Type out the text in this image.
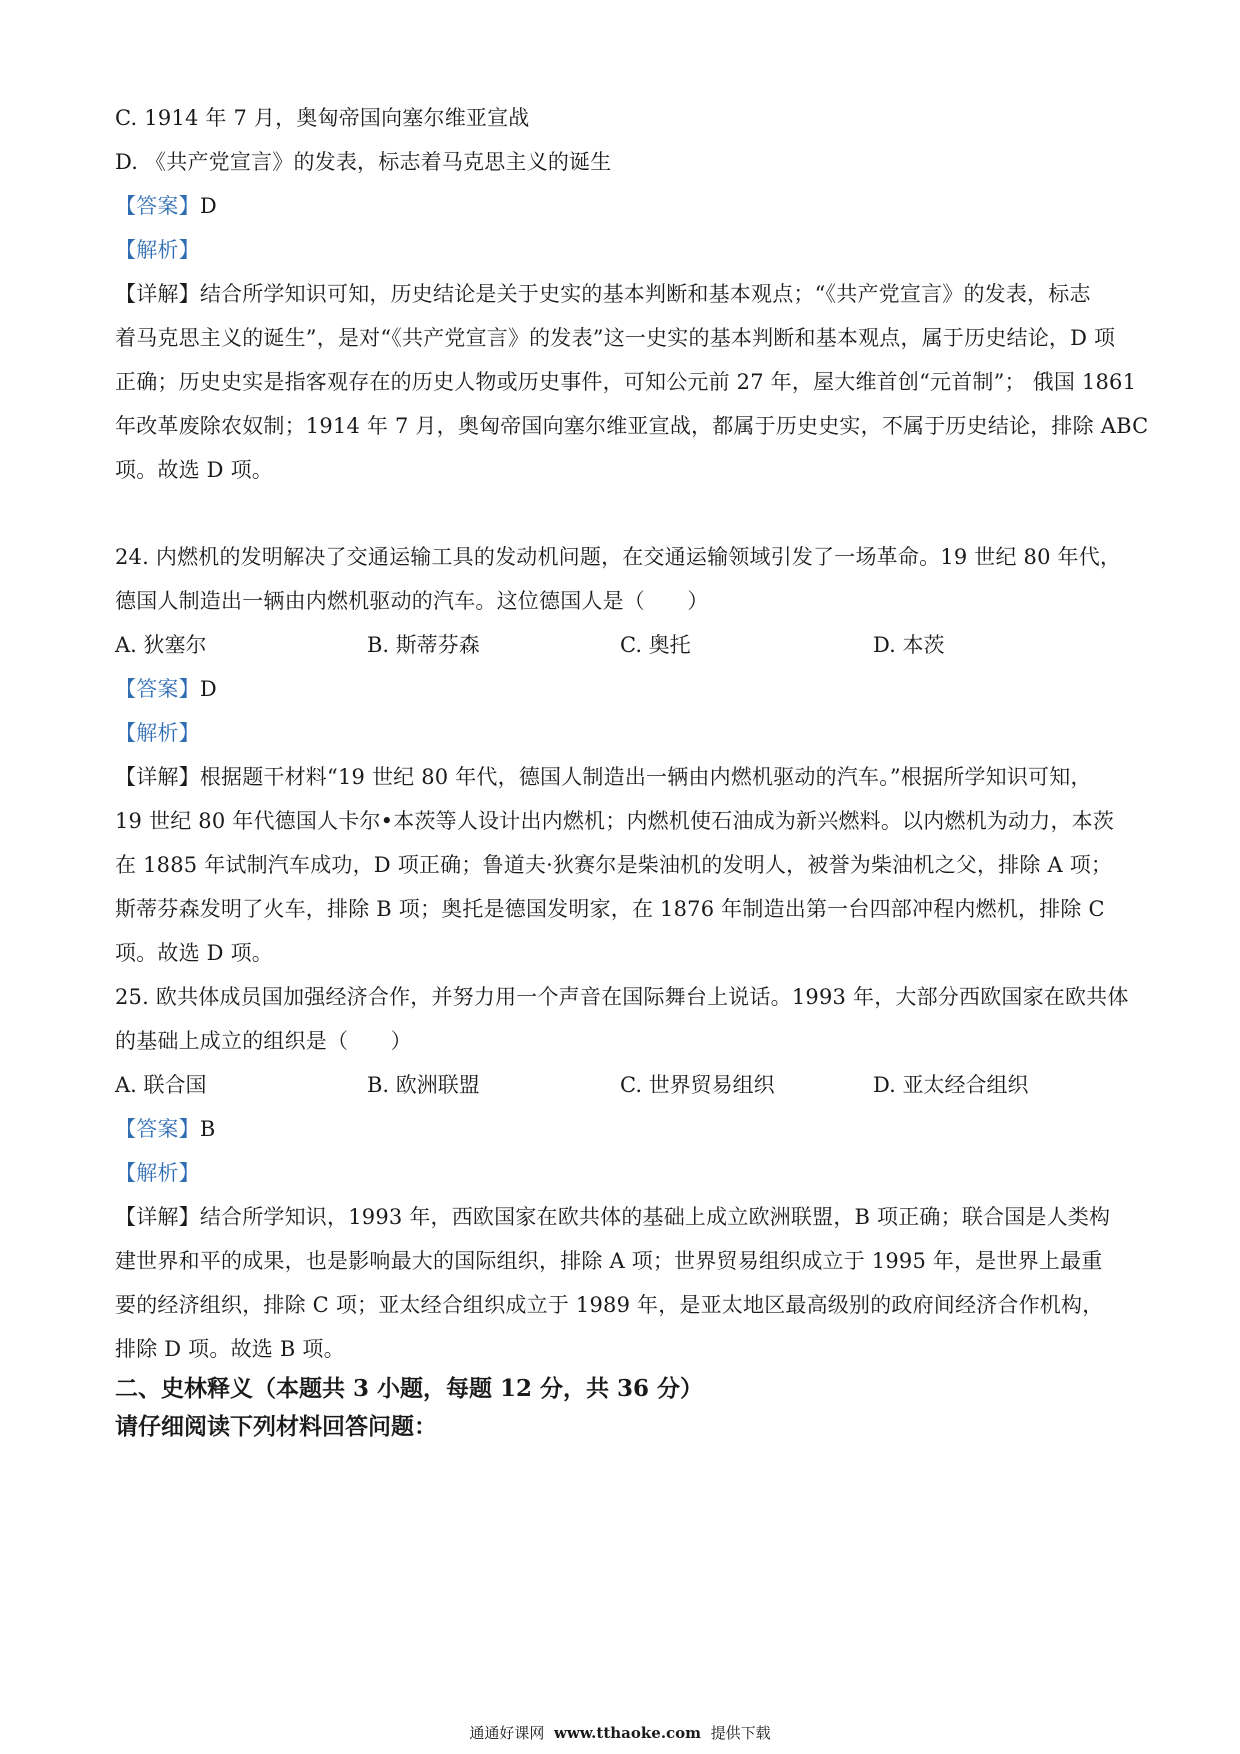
C. 1914 年 7 月，奥匈帝国向塞尔维亚宣战
D. 《共产党宣言》的发表，标志着马克思主义的诞生
【答案】D
【解析】
【详解】结合所学知识可知，历史结论是关于史实的基本判断和基本观点；“《共产党宣言》的发表，标志
着马克思主义的诞生”，是对“《共产党宣言》的发表”这一史实的基本判断和基本观点，属于历史结论，D 项
正确；历史史实是指客观存在的历史人物或历史事件，可知公元前 27 年，屋大维首创“元首制”； 俄国 1861
年改革废除农奴制；1914 年 7 月，奥匈帝国向塞尔维亚宣战，都属于历史史实，不属于历史结论，排除 ABC
项。故选 D 项。
24. 内燃机的发明解决了交通运输工具的发动机问题，在交通运输领域引发了一场革命。19 世纪 80 年代，
德国人制造出一辆由内燃机驱动的汽车。这位德国人是（　　）
A. 狄塞尔	B. 斯蒂芬森	C. 奥托	D. 本茨
【答案】D
【解析】
【详解】根据题干材料“19 世纪 80 年代，德国人制造出一辆由内燃机驱动的汽车。”根据所学知识可知，
19 世纪 80 年代德国人卡尔•本茨等人设计出内燃机；内燃机使石油成为新兴燃料。以内燃机为动力，本茨
在 1885 年试制汽车成功，D 项正确；鲁道夫·狄赛尔是柴油机的发明人，被誉为柴油机之父，排除 A 项；
斯蒂芬森发明了火车，排除 B 项；奥托是德国发明家，在 1876 年制造出第一台四部冲程内燃机，排除 C
项。故选 D 项。
25. 欧共体成员国加强经济合作，并努力用一个声音在国际舞台上说话。1993 年，大部分西欧国家在欧共体
的基础上成立的组织是（　　）
A. 联合国	B. 欧洲联盟	C. 世界贸易组织	D. 亚太经合组织
【答案】B
【解析】
【详解】结合所学知识，1993 年，西欧国家在欧共体的基础上成立欧洲联盟，B 项正确；联合国是人类构
建世界和平的成果，也是影响最大的国际组织，排除 A 项；世界贸易组织成立于 1995 年，是世界上最重
要的经济组织，排除 C 项；亚太经合组织成立于 1989 年，是亚太地区最高级别的政府间经济合作机构，
排除 D 项。故选 B 项。
二、史林释义（本题共 3 小题，每题 12 分，共 36 分）
请仔细阅读下列材料回答问题：
通通好课网 www.tthaoke.com 提供下载
